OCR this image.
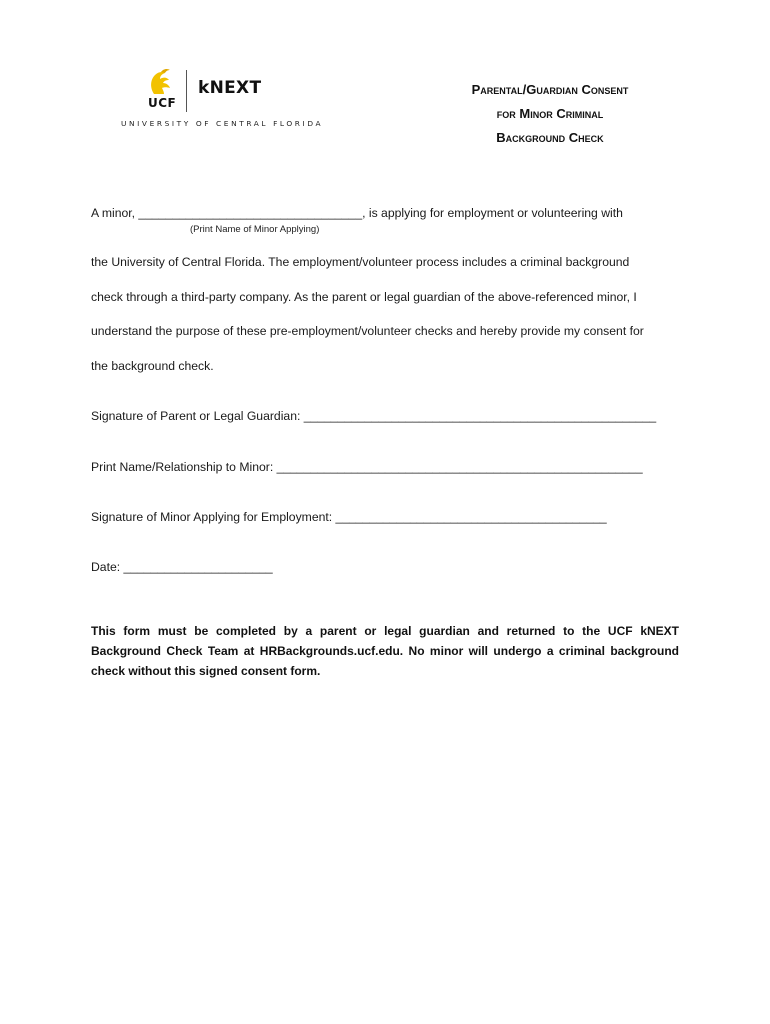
UCF
kNEXT
UNIVERSITY OF CENTRAL FLORIDA
Parental/Guardian Consent
for Minor Criminal
Background Check
A minor, _________________________________, is applying for employment or volunteering with
(Print Name of Minor Applying)
the University of Central Florida. The employment/volunteer process includes a criminal background
check through a third-party company. As the parent or legal guardian of the above-referenced minor, I
understand the purpose of these pre-employment/volunteer checks and hereby provide my consent for
the background check.
Signature of Parent or Legal Guardian: ____________________________________________________
Print Name/Relationship to Minor: ______________________________________________________
Signature of Minor Applying for Employment: ________________________________________
Date: ______________________
This form must be completed by a parent or legal guardian and returned to the UCF kNEXT Background Check Team at HRBackgrounds.ucf.edu. No minor will undergo a criminal background check without this signed consent form.
